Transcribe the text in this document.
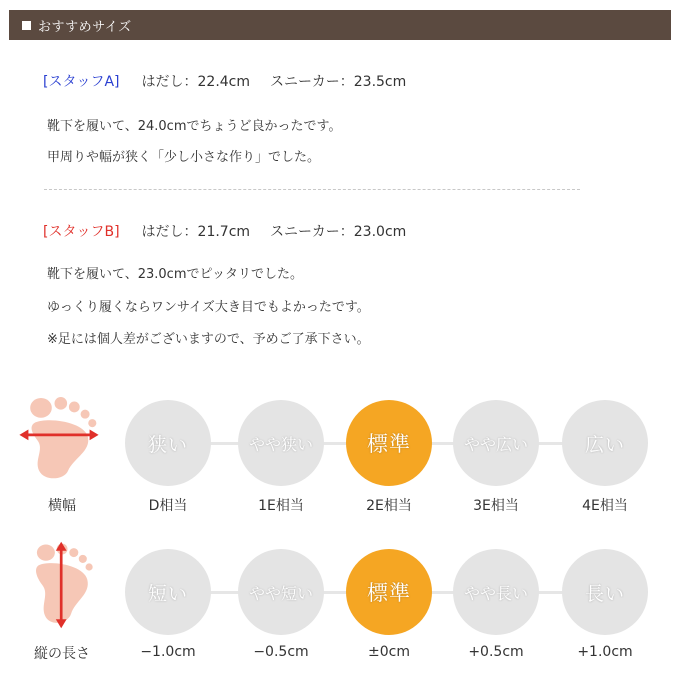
おすすめサイズ
[スタッフA] はだし：22.4cm スニーカー：23.5cm
靴下を履いて、24.0cmでちょうど良かったです。
甲周りや幅が狭く「少し小さな作り」でした。
[スタッフB] はだし：21.7cm スニーカー：23.0cm
靴下を履いて、23.0cmでピッタリでした。
ゆっくり履くならワンサイズ大き目でもよかったです。
※足には個人差がございますので、予めご了承下さい。
横幅
狭い	やや狭い	標準	やや広い	広い
D相当	1E相当	2E相当	3E相当	4E相当
縦の長さ
短い	やや短い	標準	やや長い	長い
−1.0cm	−0.5cm	±0cm	+0.5cm	+1.0cm
